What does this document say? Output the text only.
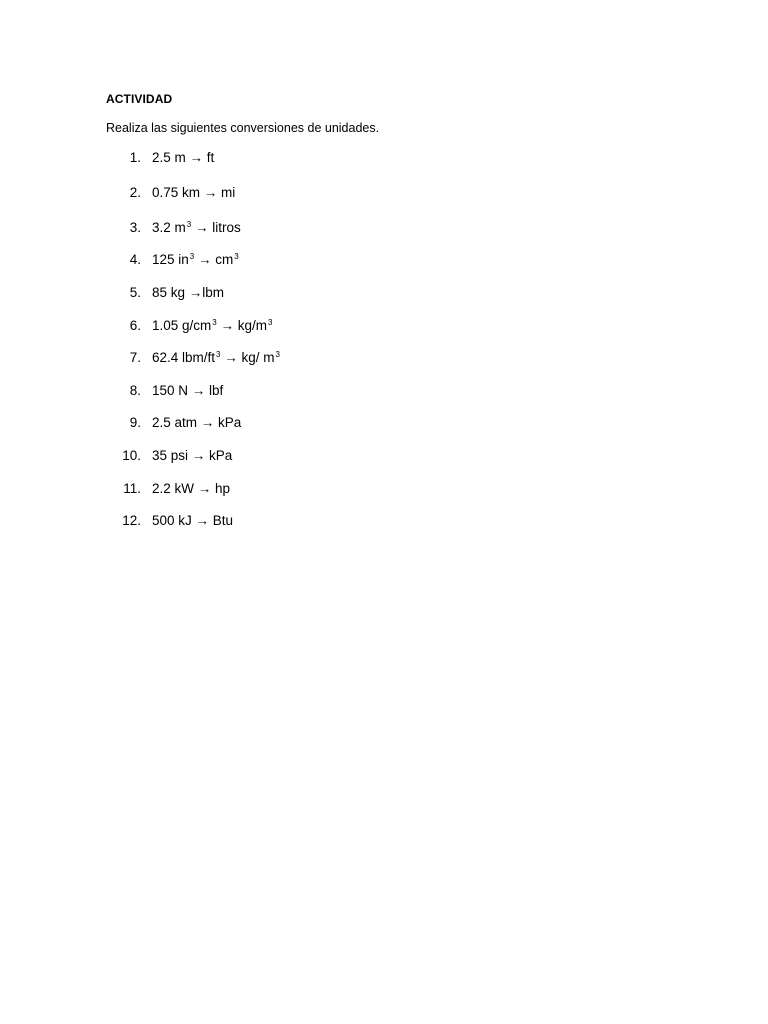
ACTIVIDAD
Realiza las siguientes conversiones de unidades.
1. 2.5 m → ft
2. 0.75 km → mi
3. 3.2 $m^3$ → litros
4. 125 $in^3 \to cm^3$
5. 85 kg →lbm
6. 1.05 $g/cm^3 \to kg/m^3$
7. 62.4 lbm/$ft^3 \to kg/$ $m^3$
8. 150 N → lbf
9. 2.5 atm → kPa
10. 35 psi → kPa
11. 2.2 kW → hp
12. 500 kJ → Btu
